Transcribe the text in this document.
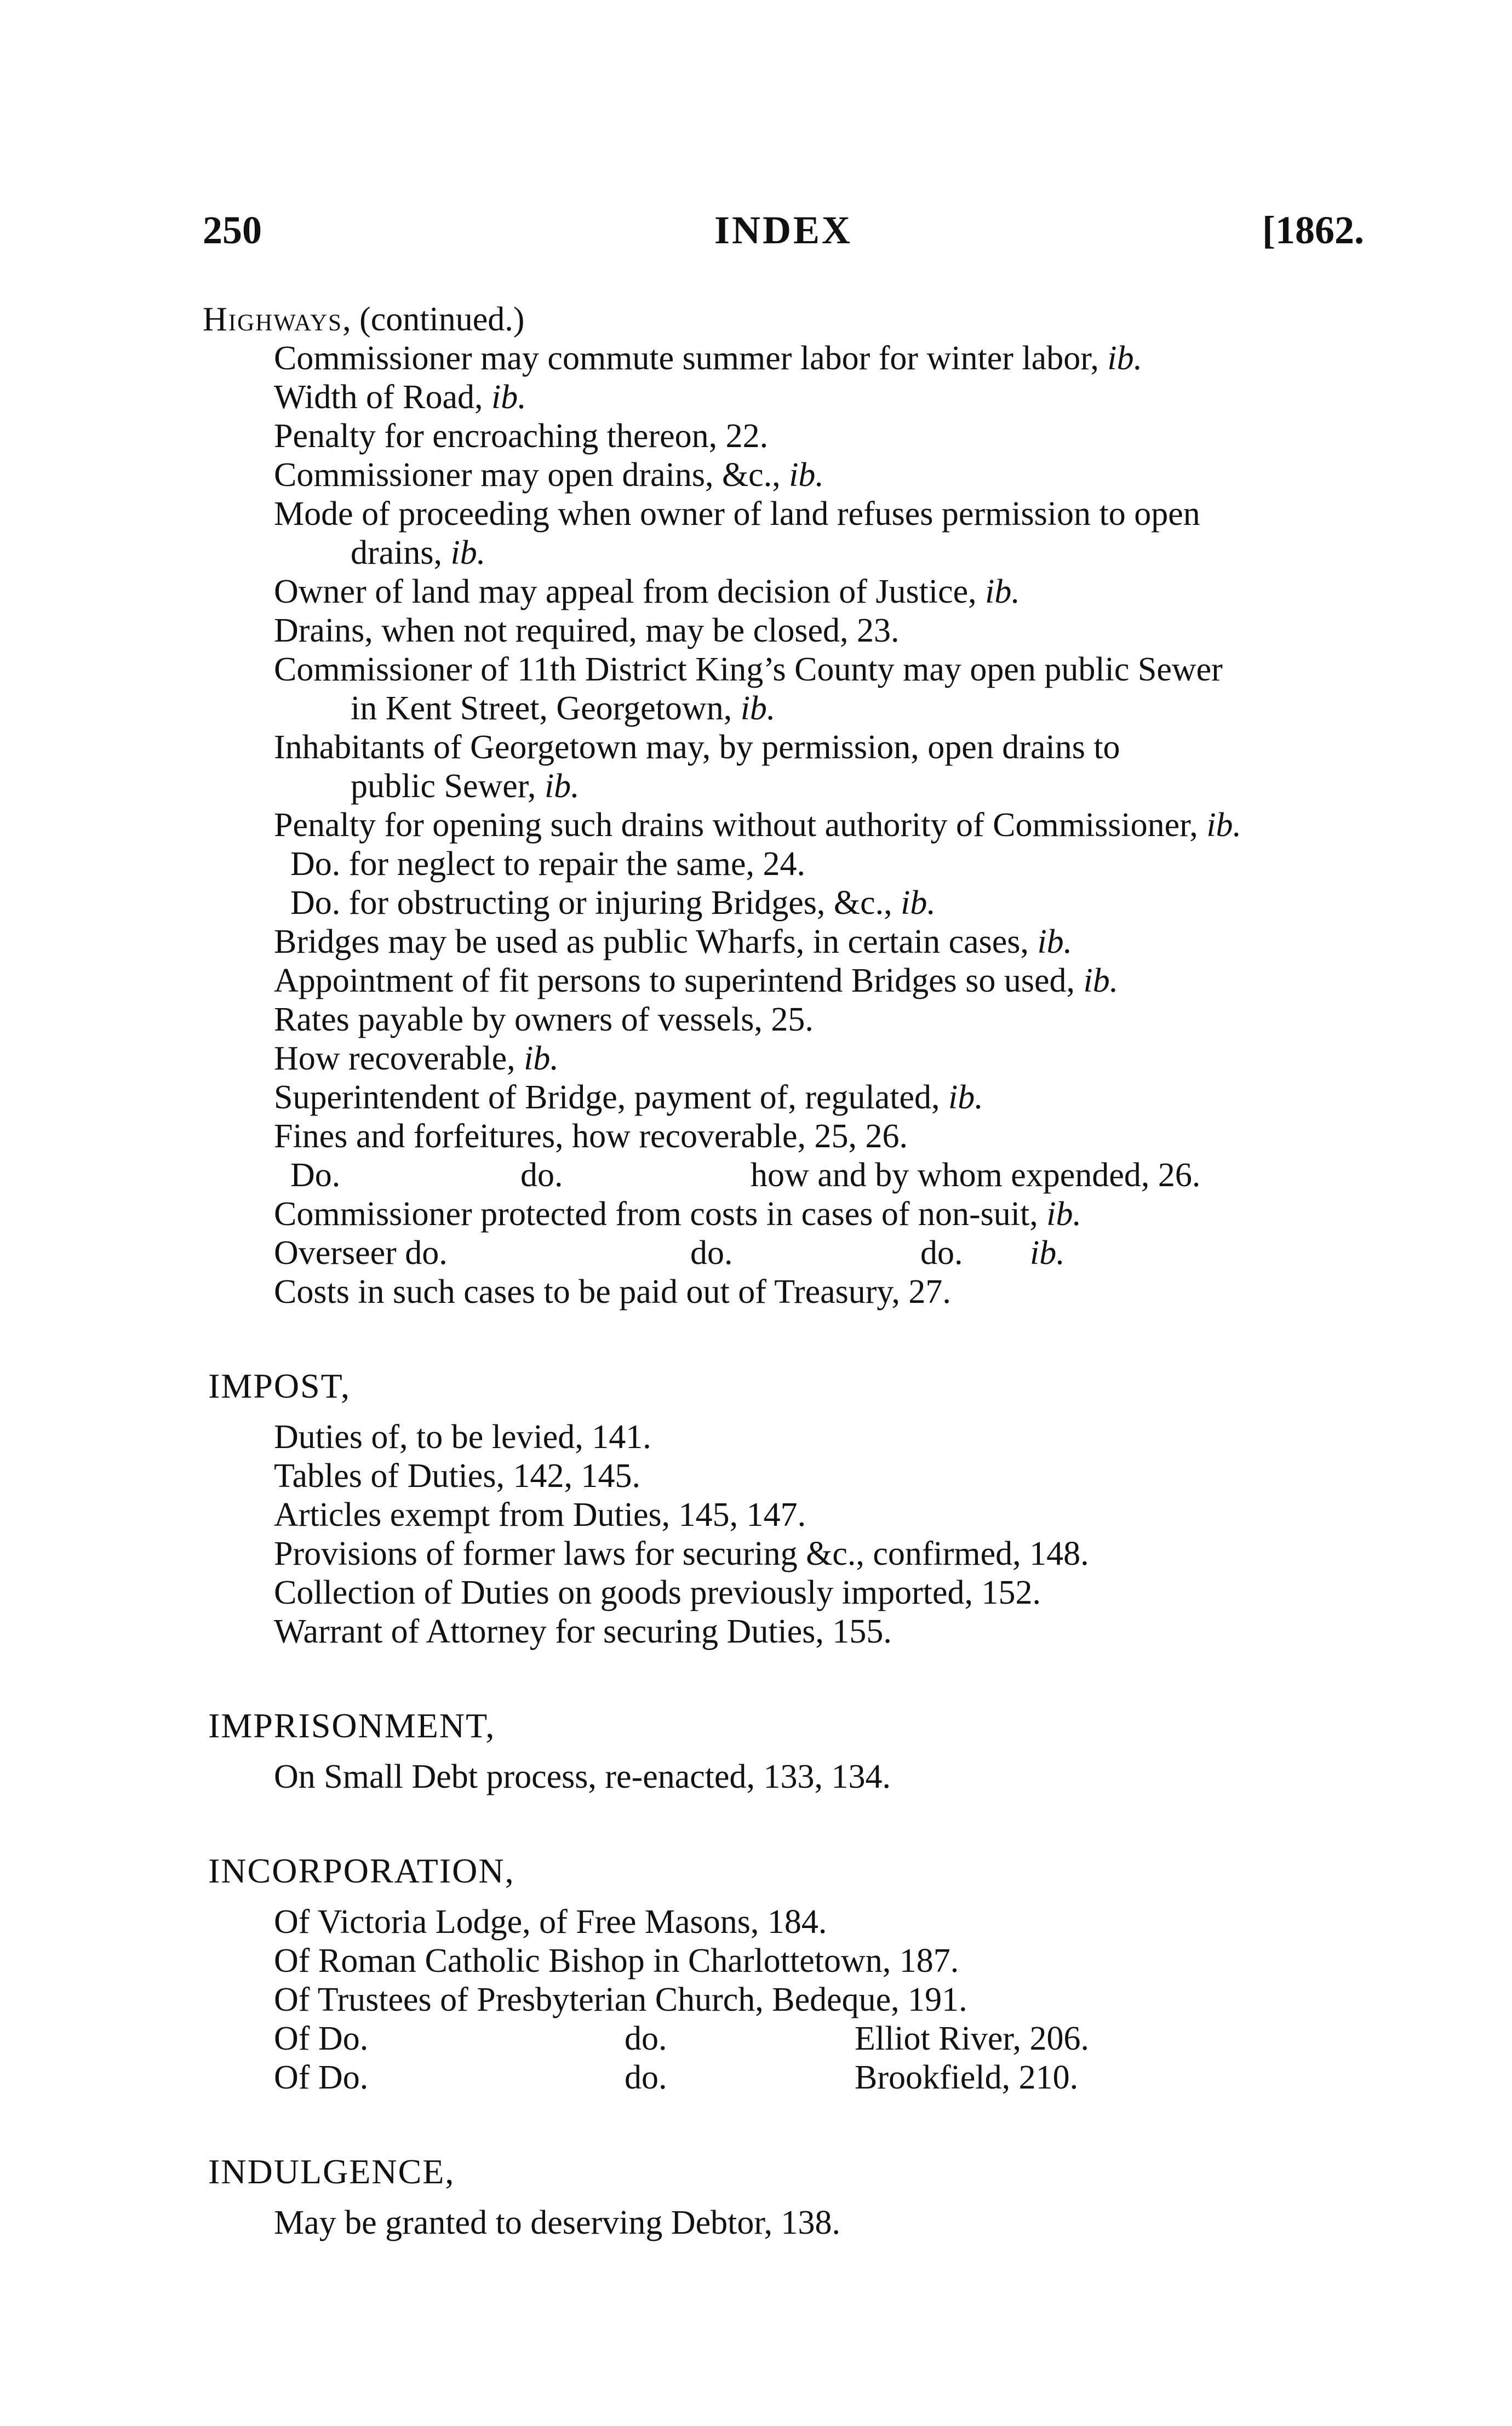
250	INDEX	[1862.
Highways, (continued.)
Commissioner may commute summer labor for winter labor, ib.
Width of Road, ib.
Penalty for encroaching thereon, 22.
Commissioner may open drains, &c., ib.
Mode of proceeding when owner of land refuses permission to open
drains, ib.
Owner of land may appeal from decision of Justice, ib.
Drains, when not required, may be closed, 23.
Commissioner of 11th District King’s County may open public Sewer
in Kent Street, Georgetown, ib.
Inhabitants of Georgetown may, by permission, open drains to
public Sewer, ib.
Penalty for opening such drains without authority of Commissioner, ib.
Do. for neglect to repair the same, 24.
Do. for obstructing or injuring Bridges, &c., ib.
Bridges may be used as public Wharfs, in certain cases, ib.
Appointment of fit persons to superintend Bridges so used, ib.
Rates payable by owners of vessels, 25.
How recoverable, ib.
Superintendent of Bridge, payment of, regulated, ib.
Fines and forfeitures, how recoverable, 25, 26.
Do.	do.	how and by whom expended, 26.
Commissioner protected from costs in cases of non-suit, ib.
Overseer do.	do.	do. ib.
Costs in such cases to be paid out of Treasury, 27.
IMPOST,
Duties of, to be levied, 141.
Tables of Duties, 142, 145.
Articles exempt from Duties, 145, 147.
Provisions of former laws for securing &c., confirmed, 148.
Collection of Duties on goods previously imported, 152.
Warrant of Attorney for securing Duties, 155.
IMPRISONMENT,
On Small Debt process, re-enacted, 133, 134.
INCORPORATION,
Of Victoria Lodge, of Free Masons, 184.
Of Roman Catholic Bishop in Charlottetown, 187.
Of Trustees of Presbyterian Church, Bedeque, 191.
Of Do.	do.	Elliot River, 206.
Of Do.	do.	Brookfield, 210.
INDULGENCE,
May be granted to deserving Debtor, 138.
